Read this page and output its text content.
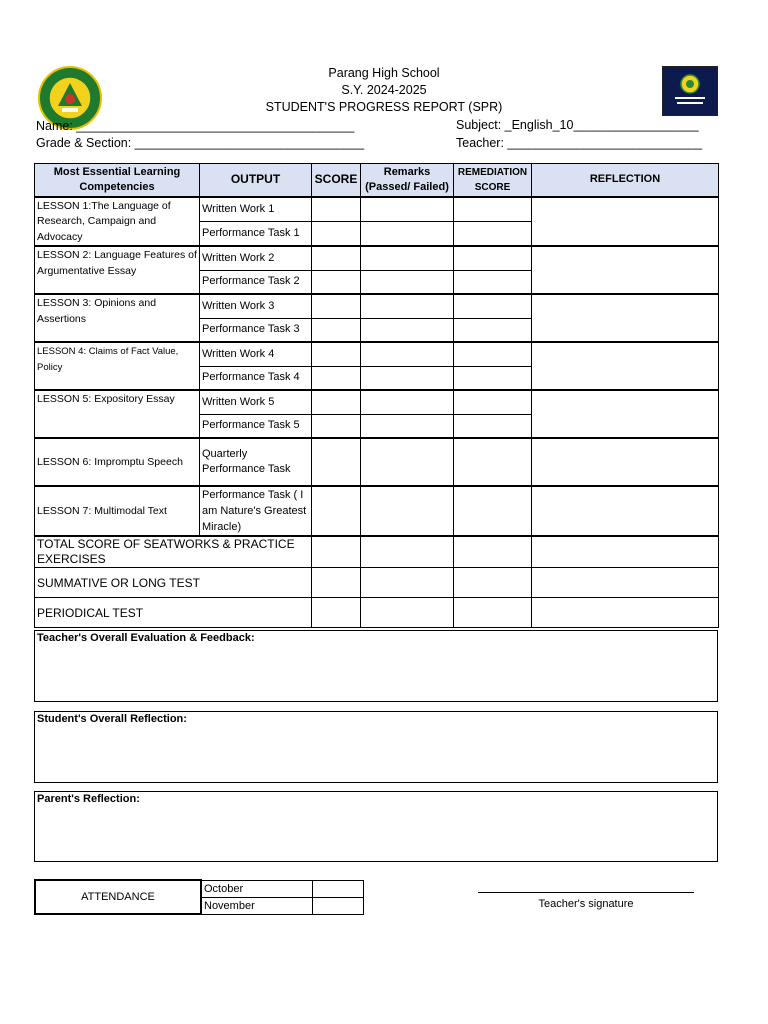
Parang High School
S.Y. 2024-2025
STUDENT'S PROGRESS REPORT (SPR)
Name: ________________________________________
Grade & Section: _________________________________
Subject: _English_10__________________
Teacher: ____________________________
Most Essential Learning Competencies	OUTPUT	SCORE	Remarks (Passed/ Failed)	REMEDIATION SCORE	REFLECTION
LESSON 1:The Language of Research, Campaign and Advocacy	Written Work 1				
	Performance Task 1				
LESSON 2: Language Features of Argumentative Essay	Written Work 2				
	Performance Task 2				
LESSON 3: Opinions and Assertions	Written Work 3				
	Performance Task 3				
LESSON 4: Claims of Fact Value, Policy	Written Work 4				
	Performance Task 4				
LESSON 5: Expository Essay	Written Work 5				
	Performance Task 5				
LESSON 6: Impromptu Speech	Quarterly Performance Task				
LESSON 7: Multimodal Text	Performance Task ( I am Nature's Greatest Miracle)				
TOTAL SCORE OF SEATWORKS & PRACTICE EXERCISES					
SUMMATIVE OR LONG TEST					
PERIODICAL TEST					
Teacher's Overall Evaluation & Feedback:
Student's Overall Reflection:
Parent's Reflection:
ATTENDANCE	October	
	November		Teacher's signature
